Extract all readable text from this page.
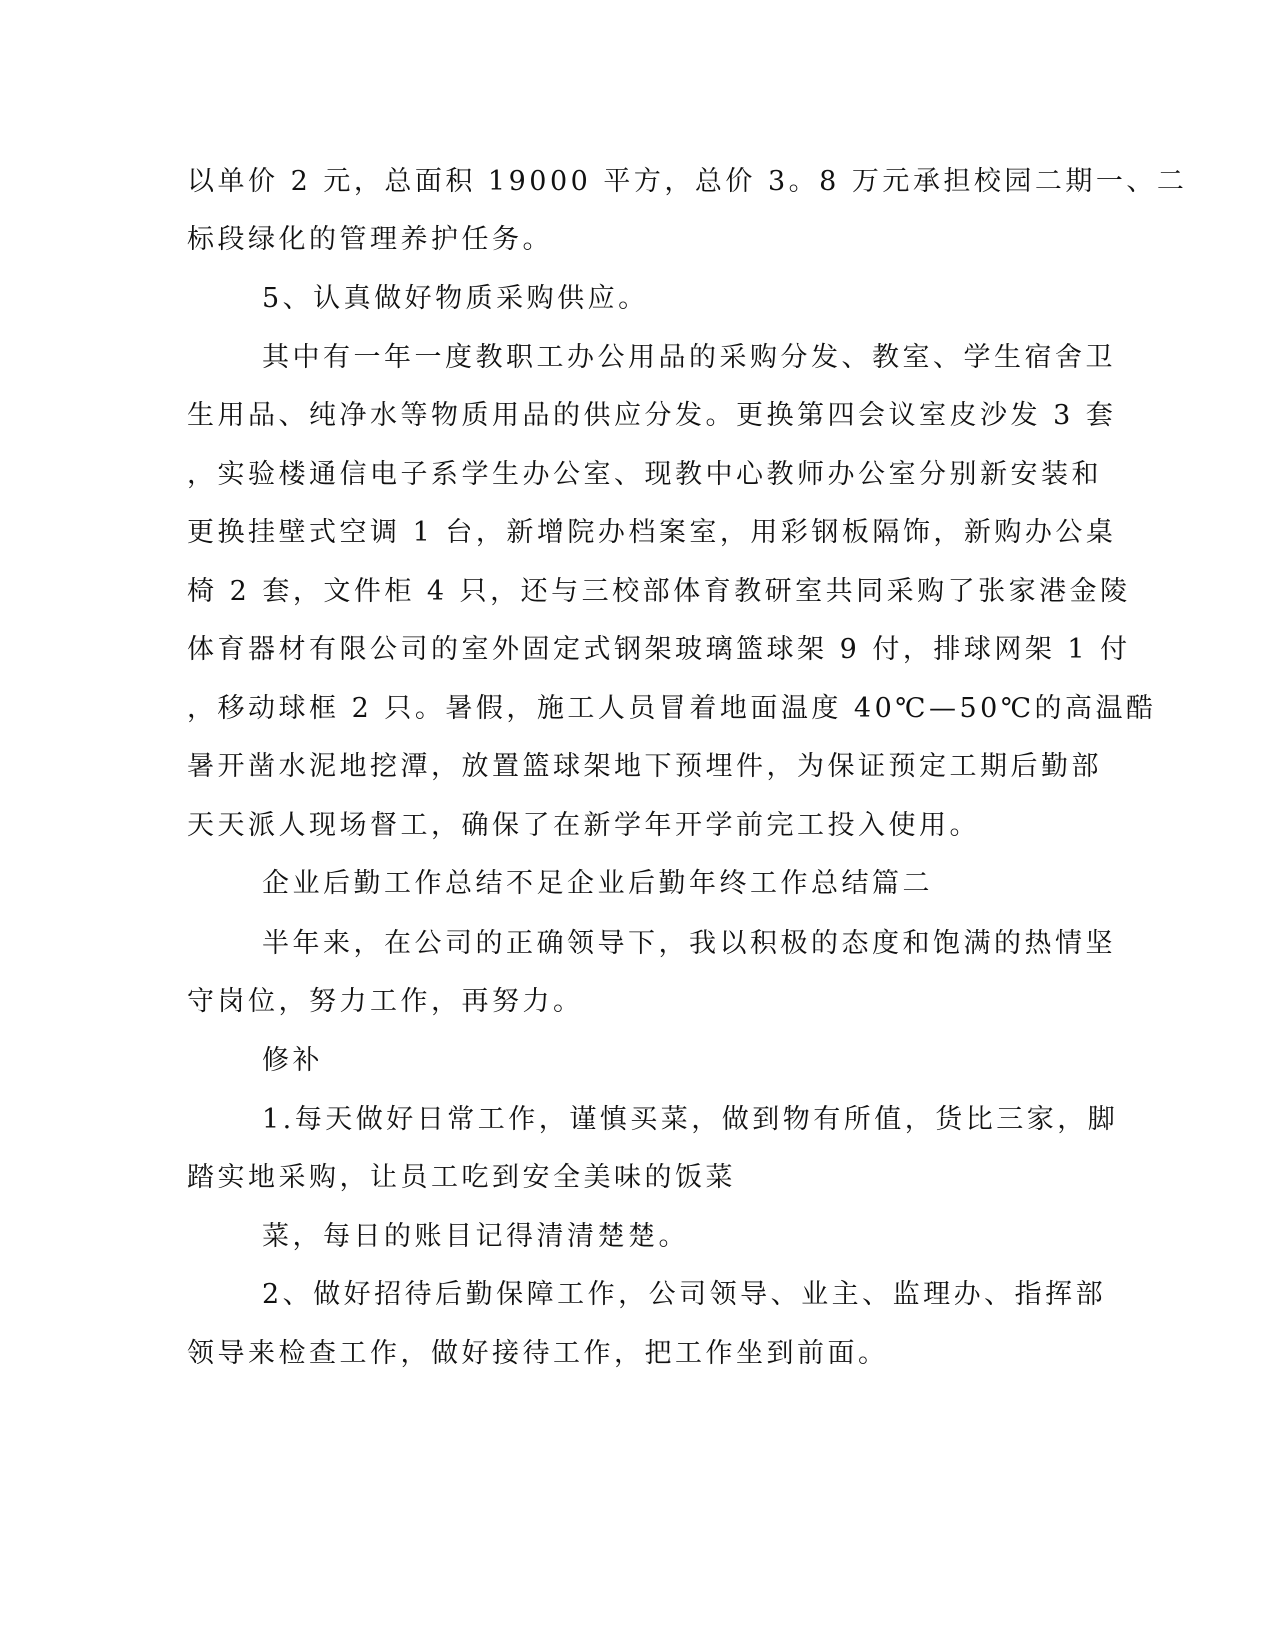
以单价 2 元，总面积 19000 平方，总价 3。8 万元承担校园二期一、二

标段绿化的管理养护任务。

5、认真做好物质采购供应。

其中有一年一度教职工办公用品的采购分发、教室、学生宿舍卫

生用品、纯净水等物质用品的供应分发。更换第四会议室皮沙发 3 套

，实验楼通信电子系学生办公室、现教中心教师办公室分别新安装和

更换挂壁式空调 1 台，新增院办档案室，用彩钢板隔饰，新购办公桌

椅 2 套，文件柜 4 只，还与三校部体育教研室共同采购了张家港金陵

体育器材有限公司的室外固定式钢架玻璃篮球架 9 付，排球网架 1 付

，移动球框 2 只。暑假，施工人员冒着地面温度 40℃—50℃的高温酷

暑开凿水泥地挖潭，放置篮球架地下预埋件，为保证预定工期后勤部

天天派人现场督工，确保了在新学年开学前完工投入使用。

企业后勤工作总结不足企业后勤年终工作总结篇二

半年来，在公司的正确领导下，我以积极的态度和饱满的热情坚

守岗位，努力工作，再努力。

修补

1.每天做好日常工作，谨慎买菜，做到物有所值，货比三家，脚

踏实地采购，让员工吃到安全美味的饭菜

菜，每日的账目记得清清楚楚。

2、做好招待后勤保障工作，公司领导、业主、监理办、指挥部

领导来检查工作，做好接待工作，把工作坐到前面。
